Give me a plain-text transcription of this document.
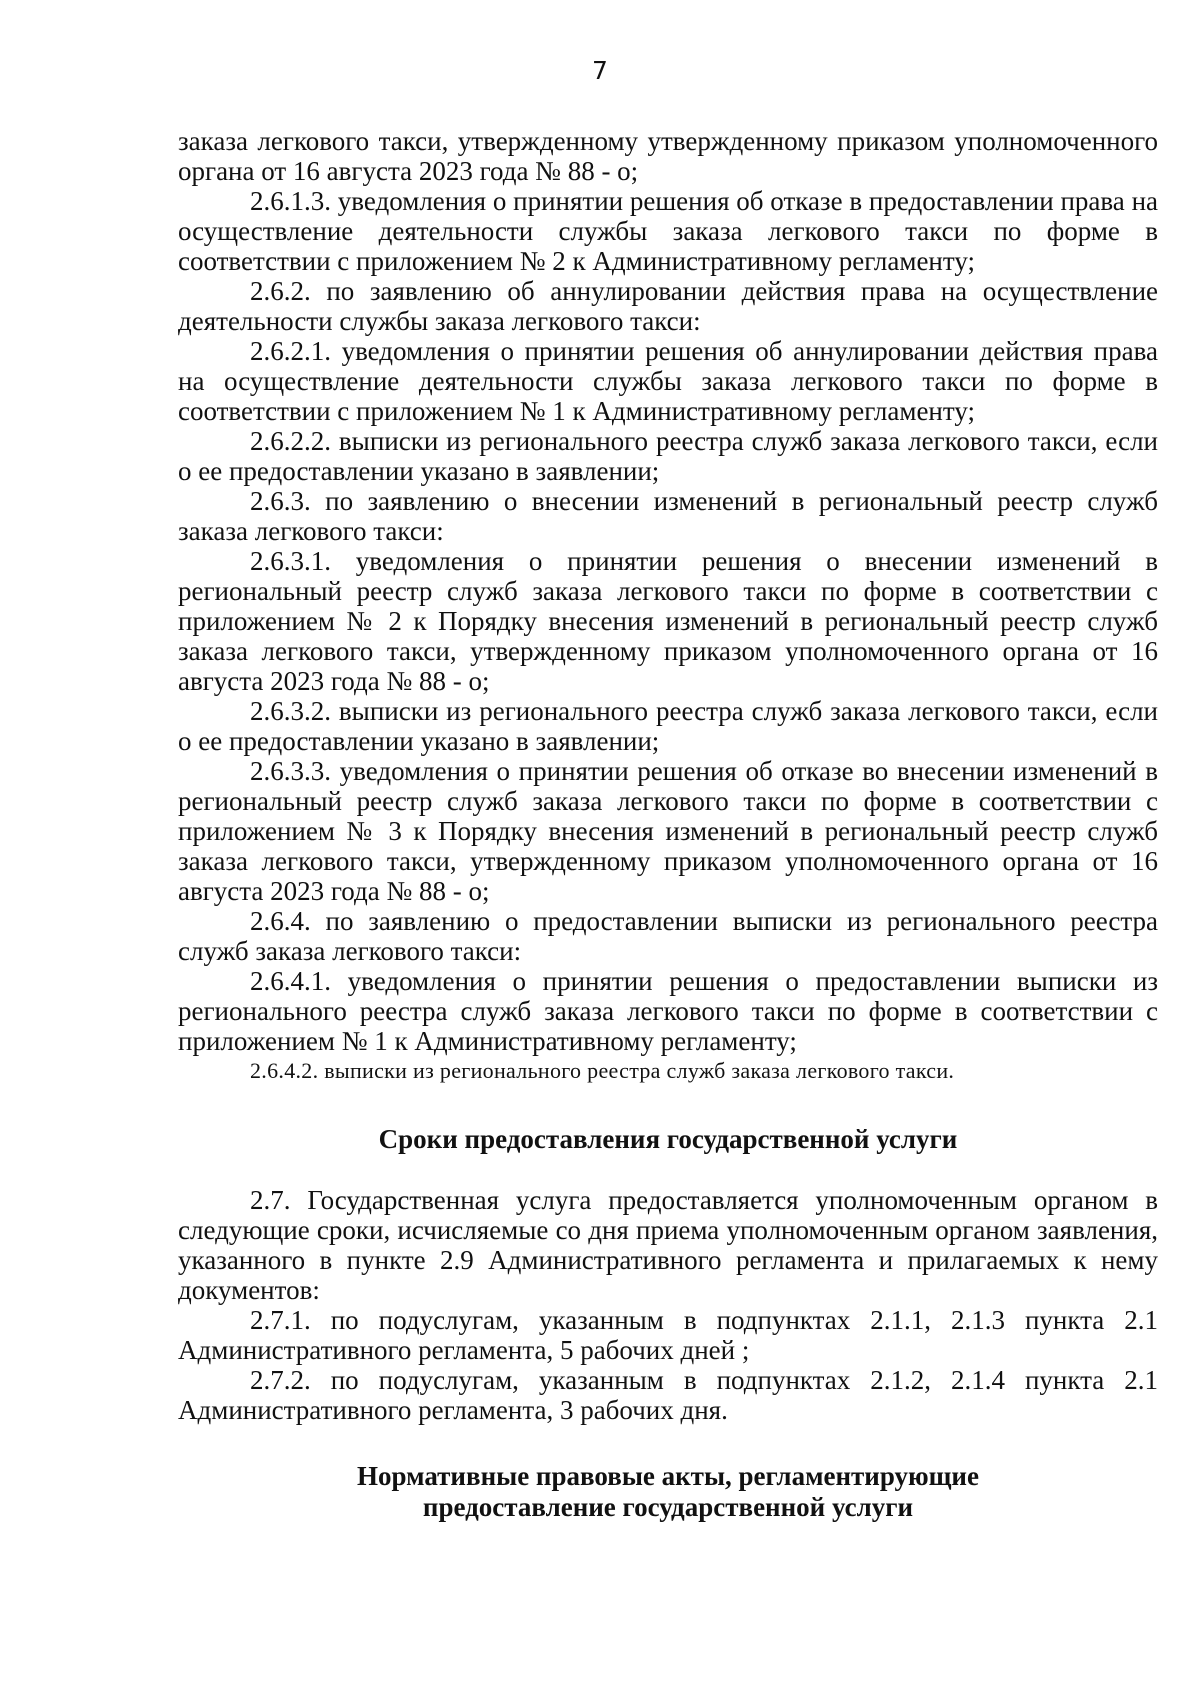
7

заказа легкового такси, утвержденному утвержденному приказом уполномоченного органа от 16 августа 2023 года № 88 - о;

2.6.1.3. уведомления о принятии решения об отказе в предоставлении права на осуществление деятельности службы заказа легкового такси по форме в соответствии с приложением № 2 к Административному регламенту;

2.6.2. по заявлению об аннулировании действия права на осуществление деятельности службы заказа легкового такси:

2.6.2.1. уведомления о принятии решения об аннулировании действия права на осуществление деятельности службы заказа легкового такси по форме в соответствии с приложением № 1 к Административному регламенту;

2.6.2.2. выписки из регионального реестра служб заказа легкового такси, если о ее предоставлении указано в заявлении;

2.6.3. по заявлению о внесении изменений в региональный реестр служб заказа легкового такси:

2.6.3.1. уведомления о принятии решения о внесении изменений в региональный реестр служб заказа легкового такси по форме в соответствии с приложением № 2 к Порядку внесения изменений в региональный реестр служб заказа легкового такси, утвержденному приказом уполномоченного органа от 16 августа 2023 года № 88 - о;

2.6.3.2. выписки из регионального реестра служб заказа легкового такси, если о ее предоставлении указано в заявлении;

2.6.3.3. уведомления о принятии решения об отказе во внесении изменений в региональный реестр служб заказа легкового такси по форме в соответствии с приложением № 3 к Порядку внесения изменений в региональный реестр служб заказа легкового такси, утвержденному приказом уполномоченного органа от 16 августа 2023 года № 88 - о;

2.6.4. по заявлению о предоставлении выписки из регионального реестра служб заказа легкового такси:

2.6.4.1. уведомления о принятии решения о предоставлении выписки из регионального реестра служб заказа легкового такси по форме в соответствии с приложением № 1 к Административному регламенту;

2.6.4.2. выписки из регионального реестра служб заказа легкового такси.

Сроки предоставления государственной услуги

2.7. Государственная услуга предоставляется уполномоченным органом в следующие сроки, исчисляемые со дня приема уполномоченным органом заявления, указанного в пункте 2.9 Административного регламента и прилагаемых к нему документов:

2.7.1. по подуслугам, указанным в подпунктах 2.1.1, 2.1.3 пункта 2.1 Административного регламента, 5 рабочих дней ;

2.7.2. по подуслугам, указанным в подпунктах 2.1.2, 2.1.4 пункта 2.1 Административного регламента, 3 рабочих дня.

Нормативные правовые акты, регламентирующие
предоставление государственной услуги
